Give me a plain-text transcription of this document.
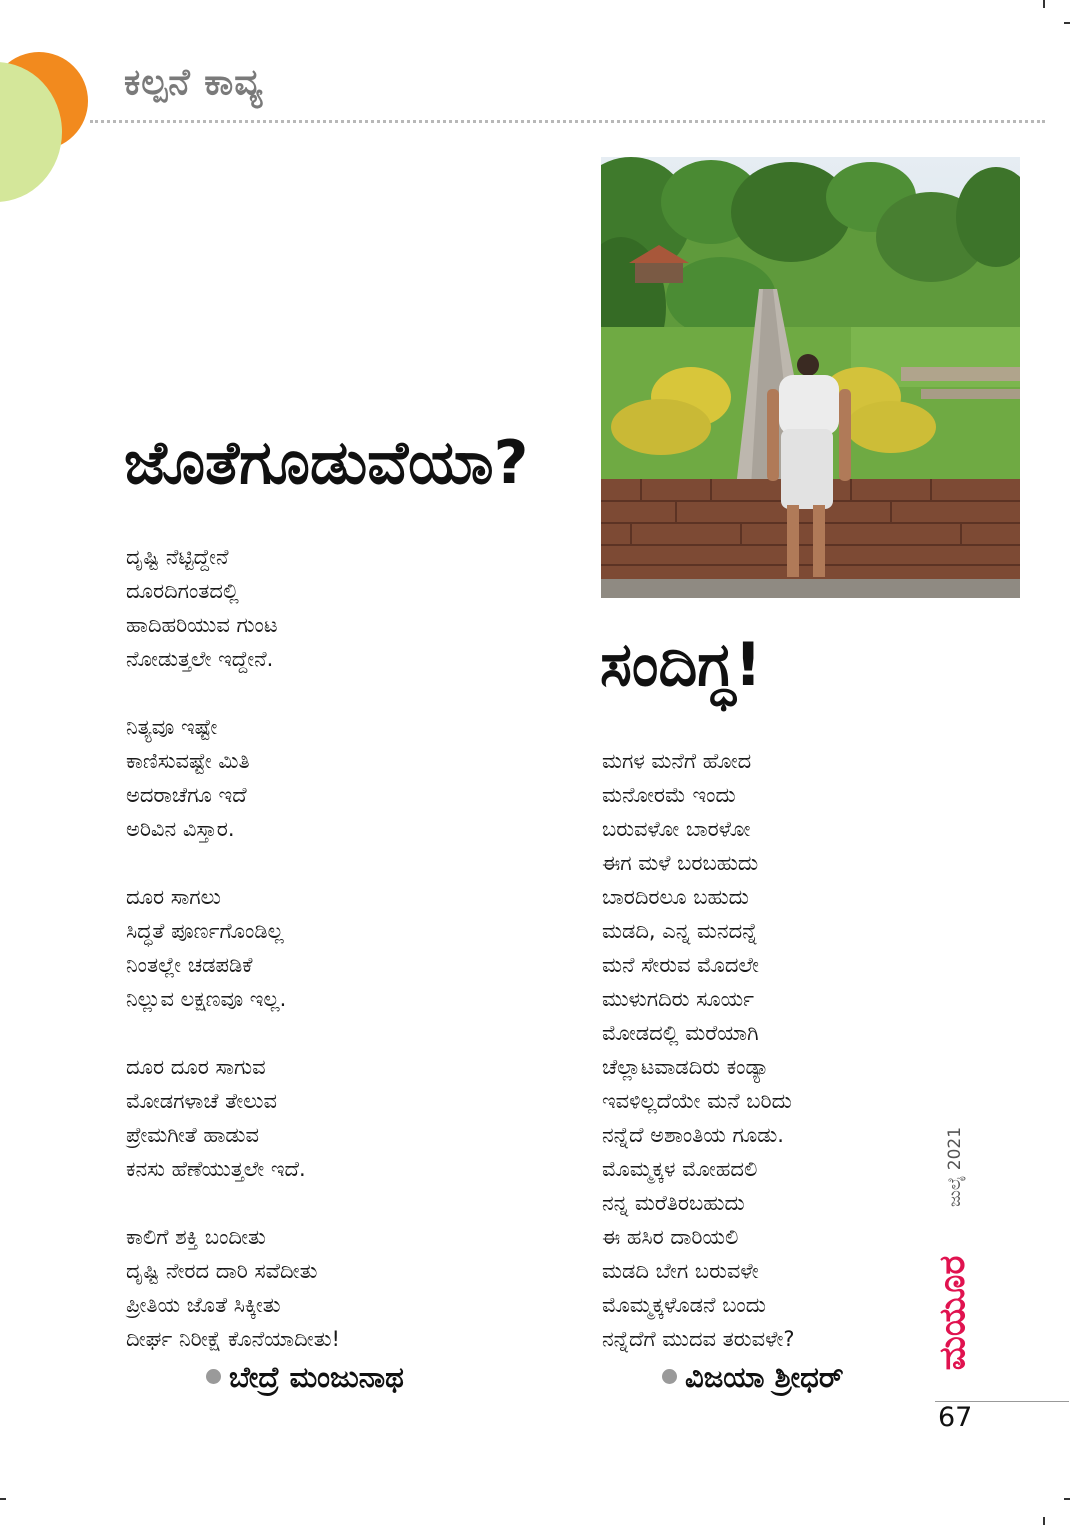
ಕಲ್ಪನೆ ಕಾವ್ಯ
ಜೊತೆಗೂಡುವೆಯಾ?
ದೃಷ್ಟಿ ನೆಟ್ಟಿದ್ದೇನೆ
ದೂರದಿಗಂತದಲ್ಲಿ
ಹಾದಿಹರಿಯುವ ಗುಂಟ
ನೋಡುತ್ತಲೇ ಇದ್ದೇನೆ.
ನಿತ್ಯವೂ ಇಷ್ಟೇ
ಕಾಣಿಸುವಷ್ಟೇ ಮಿತಿ
ಅದರಾಚೆಗೂ ಇದೆ
ಅರಿವಿನ ವಿಸ್ತಾರ.
ದೂರ ಸಾಗಲು
ಸಿದ್ಧತೆ ಪೂರ್ಣಗೊಂಡಿಲ್ಲ
ನಿಂತಲ್ಲೇ ಚಡಪಡಿಕೆ
ನಿಲ್ಲುವ ಲಕ್ಷಣವೂ ಇಲ್ಲ.
ದೂರ ದೂರ ಸಾಗುವ
ಮೋಡಗಳಾಚೆ ತೇಲುವ
ಪ್ರೇಮಗೀತೆ ಹಾಡುವ
ಕನಸು ಹೆಣೆಯುತ್ತಲೇ ಇದೆ.
ಕಾಲಿಗೆ ಶಕ್ತಿ ಬಂದೀತು
ದೃಷ್ಟಿ ನೇರದ ದಾರಿ ಸವೆದೀತು
ಪ್ರೀತಿಯ ಜೊತೆ ಸಿಕ್ಕೀತು
ದೀರ್ಘ ನಿರೀಕ್ಷೆ ಕೊನೆಯಾದೀತು!
ಬೇದ್ರೆ ಮಂಜುನಾಥ
ಸಂದಿಗ್ಧ!
ಮಗಳ ಮನೆಗೆ ಹೋದ
ಮನೋರಮೆ ಇಂದು
ಬರುವಳೋ ಬಾರಳೋ
ಈಗ ಮಳೆ ಬರಬಹುದು
ಬಾರದಿರಲೂ ಬಹುದು
ಮಡದಿ, ಎನ್ನ ಮನದನ್ನೆ
ಮನೆ ಸೇರುವ ಮೊದಲೇ
ಮುಳುಗದಿರು ಸೂರ್ಯ
ಮೋಡದಲ್ಲಿ ಮರೆಯಾಗಿ
ಚೆಲ್ಲಾಟವಾಡದಿರು ಕಂಡ್ಯಾ
ಇವಳಿಲ್ಲದೆಯೇ ಮನೆ ಬರಿದು
ನನ್ನೆದೆ ಅಶಾಂತಿಯ ಗೂಡು.
ಮೊಮ್ಮಕ್ಕಳ ಮೋಹದಲಿ
ನನ್ನ ಮರೆತಿರಬಹುದು
ಈ ಹಸಿರ ದಾರಿಯಲಿ
ಮಡದಿ ಬೇಗ ಬರುವಳೇ
ಮೊಮ್ಮಕ್ಕಳೊಡನೆ ಬಂದು
ನನ್ನೆದೆಗೆ ಮುದವ ತರುವಳೇ?
ವಿಜಯಾ ಶ್ರೀಧರ್
ಜುಲೈ 2021
ಮಯೂರ
67
